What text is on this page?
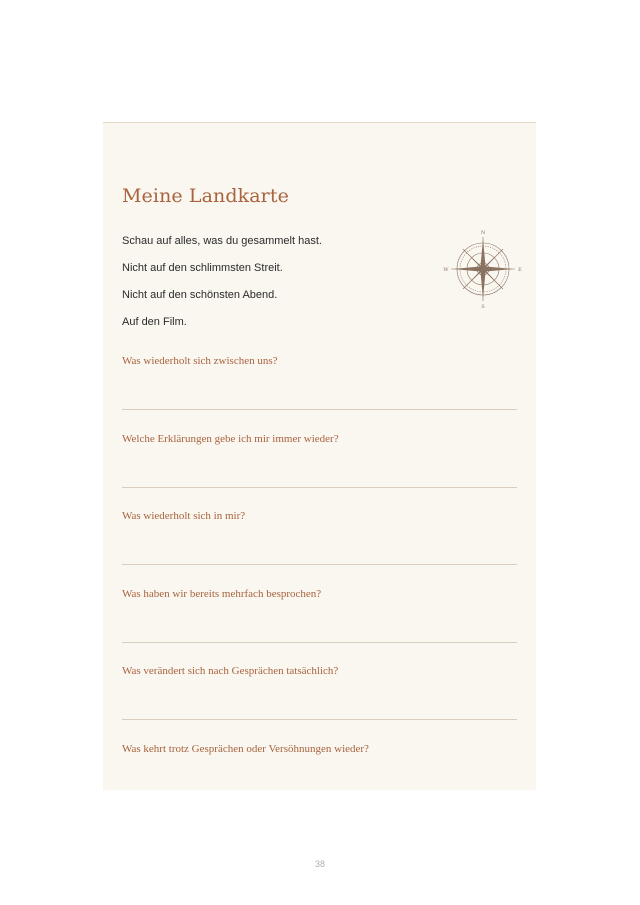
Meine Landkarte
Schau auf alles, was du gesammelt hast.
Nicht auf den schlimmsten Streit.
Nicht auf den schönsten Abend.
Auf den Film.
N
S
E
W
Was wiederholt sich zwischen uns?
Welche Erklärungen gebe ich mir immer wieder?
Was wiederholt sich in mir?
Was haben wir bereits mehrfach besprochen?
Was verändert sich nach Gesprächen tatsächlich?
Was kehrt trotz Gesprächen oder Versöhnungen wieder?
38
